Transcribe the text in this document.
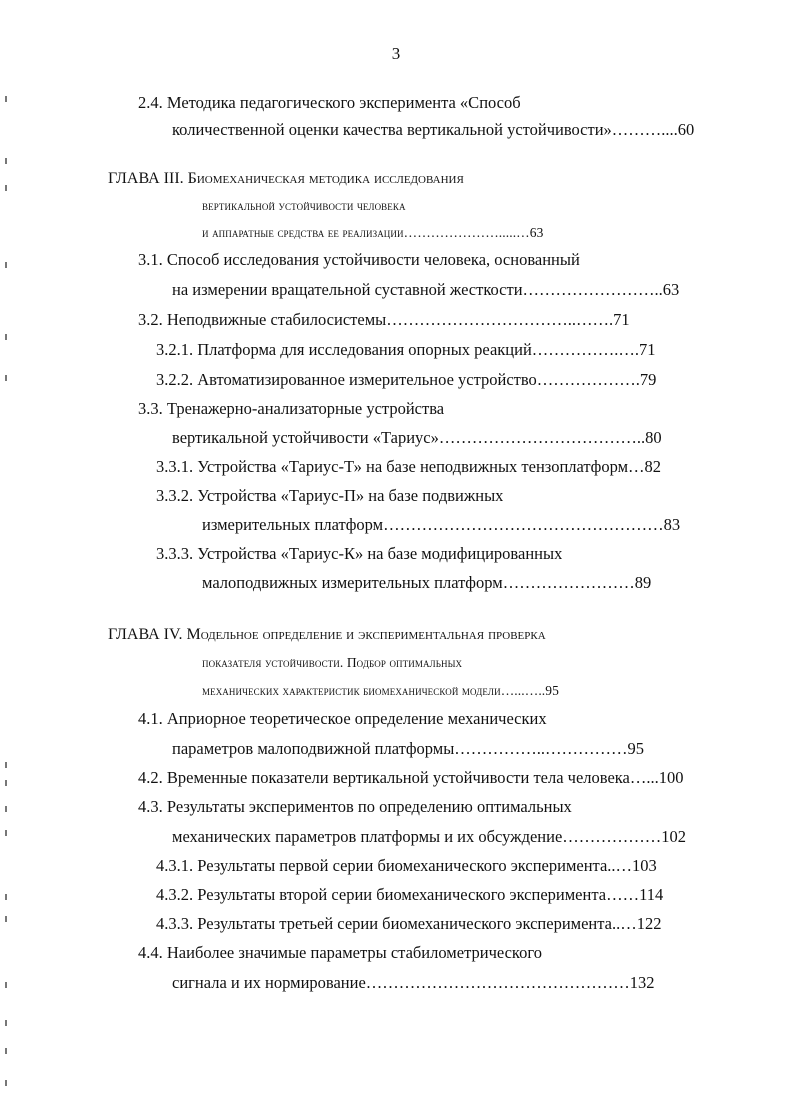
3
2.4. Методика педагогического эксперимента «Способ
количественной оценки качества вертикальной устойчивости»………....60
ГЛАВА III. Биомеханическая методика исследования
вертикальной устойчивости человека
и аппаратные средства ее реализации………………….....…63
3.1. Способ исследования устойчивости человека, основанный
на измерении вращательной суставной жесткости……………………..63
3.2. Неподвижные стабилосистемы……………………………..…….71
3.2.1. Платформа для исследования опорных реакций…………….….71
3.2.2. Автоматизированное измерительное устройство……………….79
3.3. Тренажерно-анализаторные устройства
вертикальной устойчивости «Тариус»………………………………..80
3.3.1. Устройства «Тариус-Т» на базе неподвижных тензоплатформ…82
3.3.2. Устройства «Тариус-П» на базе подвижных
измерительных платформ……………………………………………83
3.3.3. Устройства «Тариус-К» на базе модифицированных
малоподвижных измерительных платформ……………………89
ГЛАВА IV. Модельное определение и экспериментальная проверка
показателя устойчивости. Подбор оптимальных
механических характеристик биомеханической модели…...…..95
4.1. Априорное теоретическое определение механических
параметров малоподвижной платформы……………..……………95
4.2. Временные показатели вертикальной устойчивости тела человека…...100
4.3. Результаты экспериментов по определению оптимальных
механических параметров платформы и их обсуждение………………102
4.3.1. Результаты первой серии биомеханического эксперимента..…103
4.3.2. Результаты второй серии биомеханического эксперимента……114
4.3.3. Результаты третьей серии биомеханического эксперимента..…122
4.4. Наиболее значимые параметры стабилометрического
сигнала и их нормирование…………………………………………132
